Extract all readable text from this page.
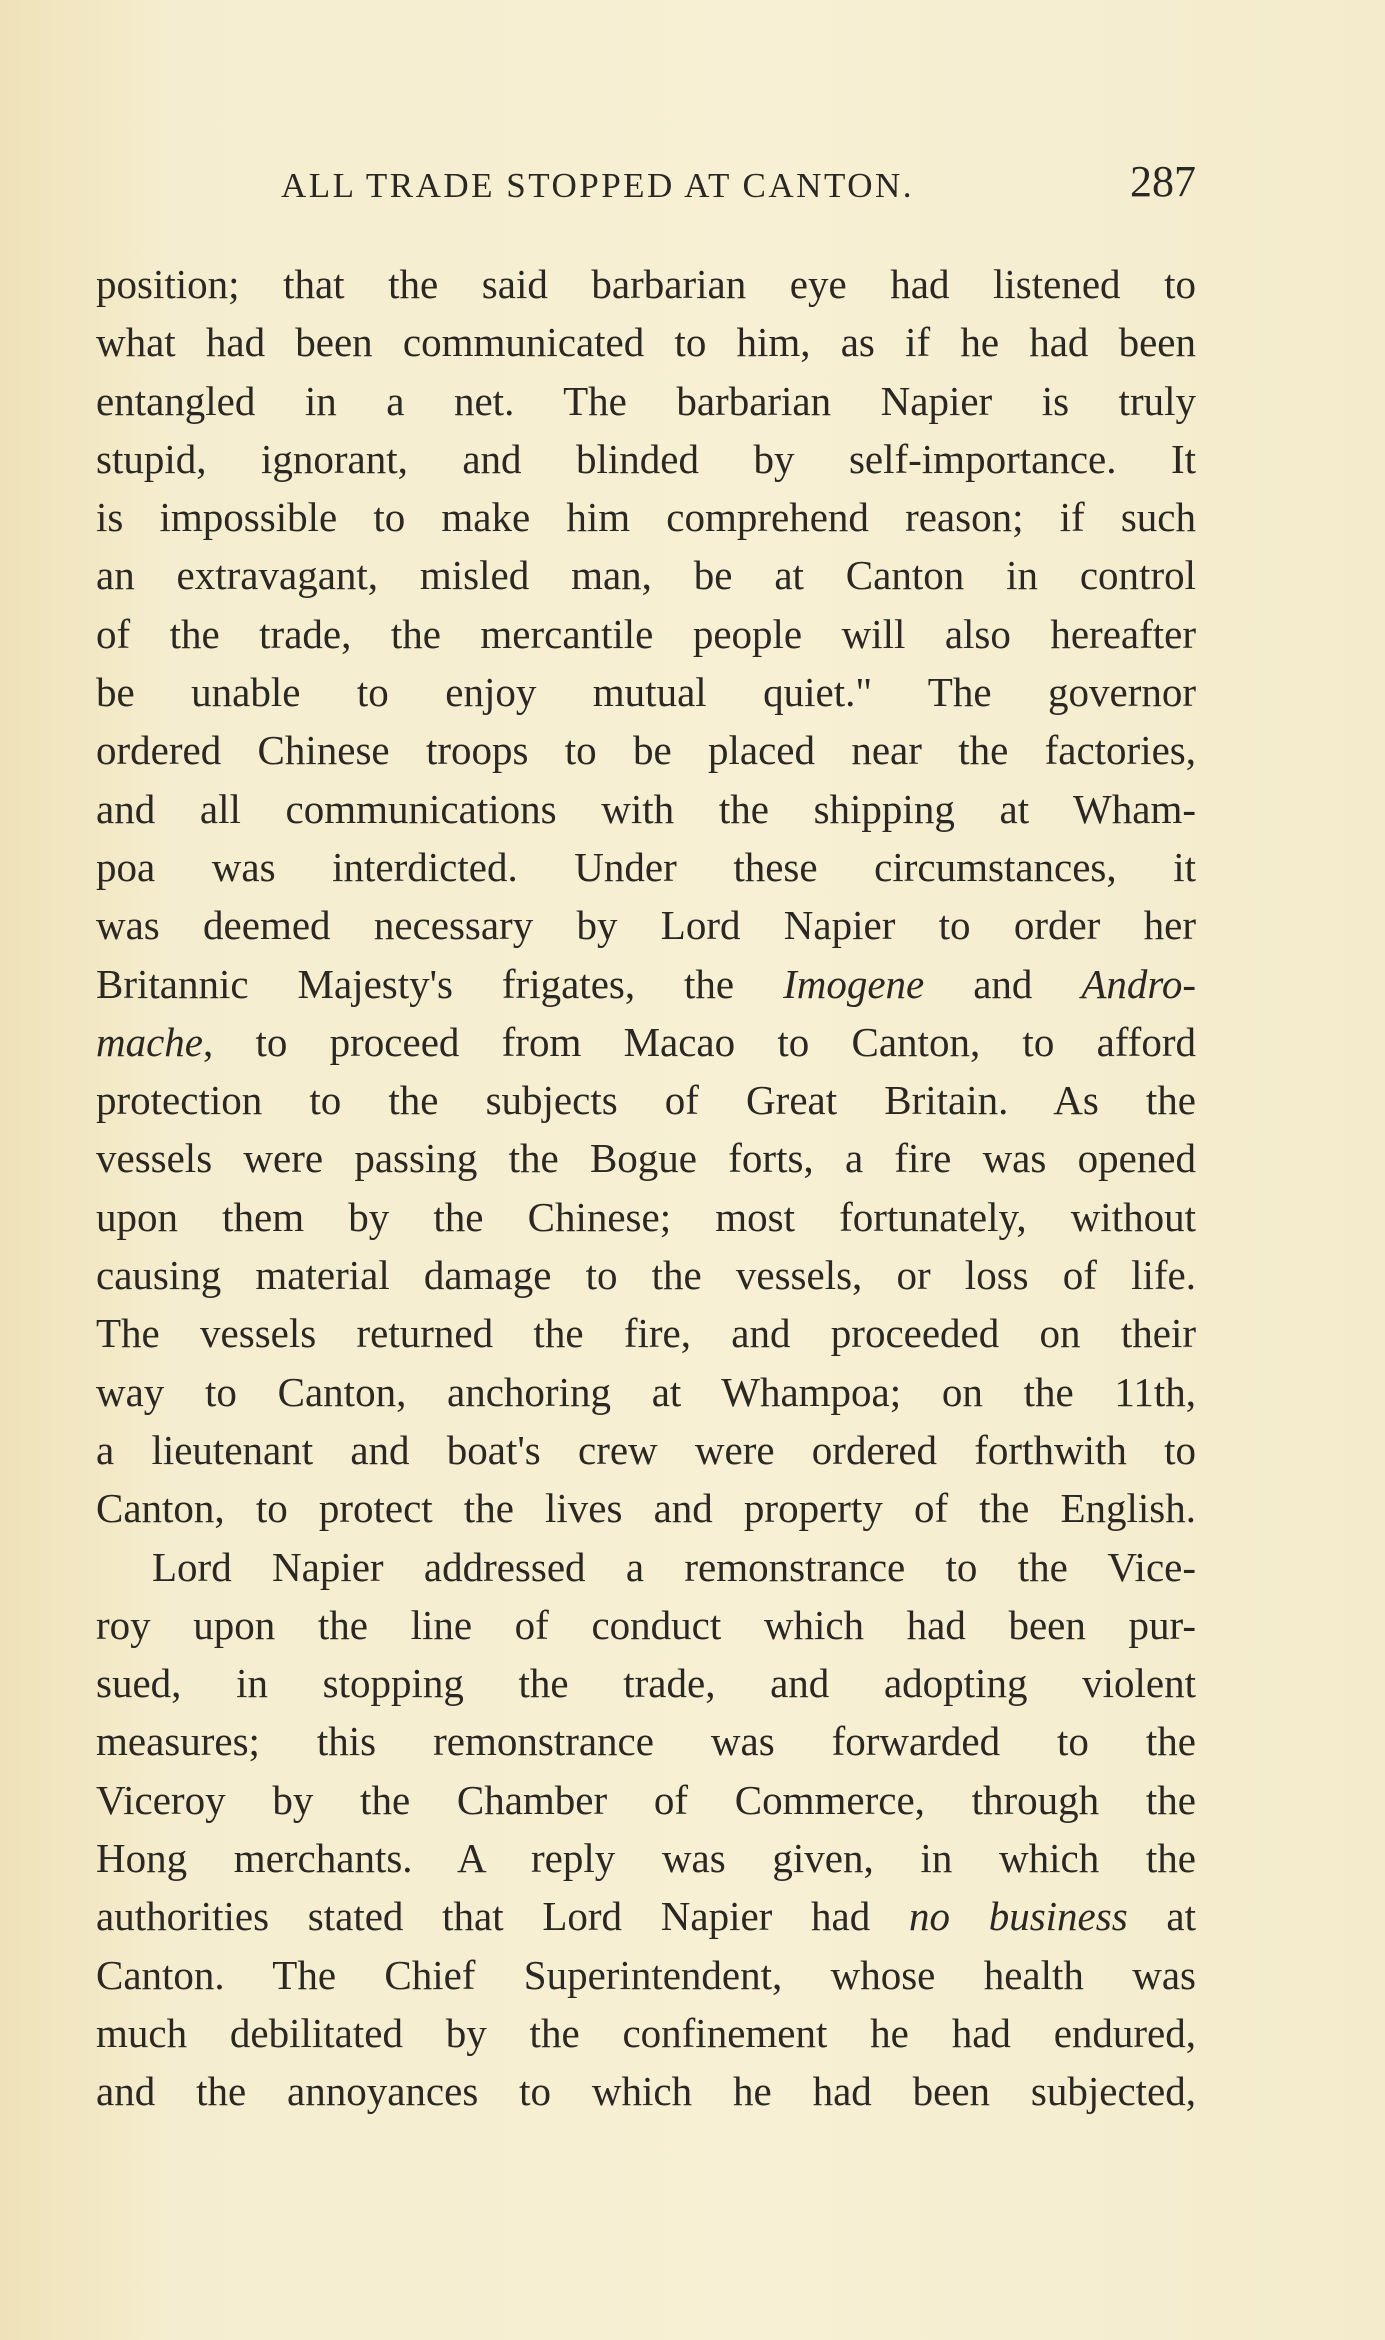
ALL TRADE STOPPED AT CANTON.	287
position; that the said barbarian eye had listened to
what had been communicated to him, as if he had been
entangled in a net. The barbarian Napier is truly
stupid, ignorant, and blinded by self-importance. It
is impossible to make him comprehend reason; if such
an extravagant, misled man, be at Canton in control
of the trade, the mercantile people will also hereafter
be unable to enjoy mutual quiet." The governor
ordered Chinese troops to be placed near the factories,
and all communications with the shipping at Wham-
poa was interdicted. Under these circumstances, it
was deemed necessary by Lord Napier to order her
Britannic Majesty's frigates, the Imogene and Andro-
mache, to proceed from Macao to Canton, to afford
protection to the subjects of Great Britain. As the
vessels were passing the Bogue forts, a fire was opened
upon them by the Chinese; most fortunately, without
causing material damage to the vessels, or loss of life.
The vessels returned the fire, and proceeded on their
way to Canton, anchoring at Whampoa; on the 11th,
a lieutenant and boat's crew were ordered forthwith to
Canton, to protect the lives and property of the English.
Lord Napier addressed a remonstrance to the Vice-
roy upon the line of conduct which had been pur-
sued, in stopping the trade, and adopting violent
measures; this remonstrance was forwarded to the
Viceroy by the Chamber of Commerce, through the
Hong merchants. A reply was given, in which the
authorities stated that Lord Napier had no business at
Canton. The Chief Superintendent, whose health was
much debilitated by the confinement he had endured,
and the annoyances to which he had been subjected,
